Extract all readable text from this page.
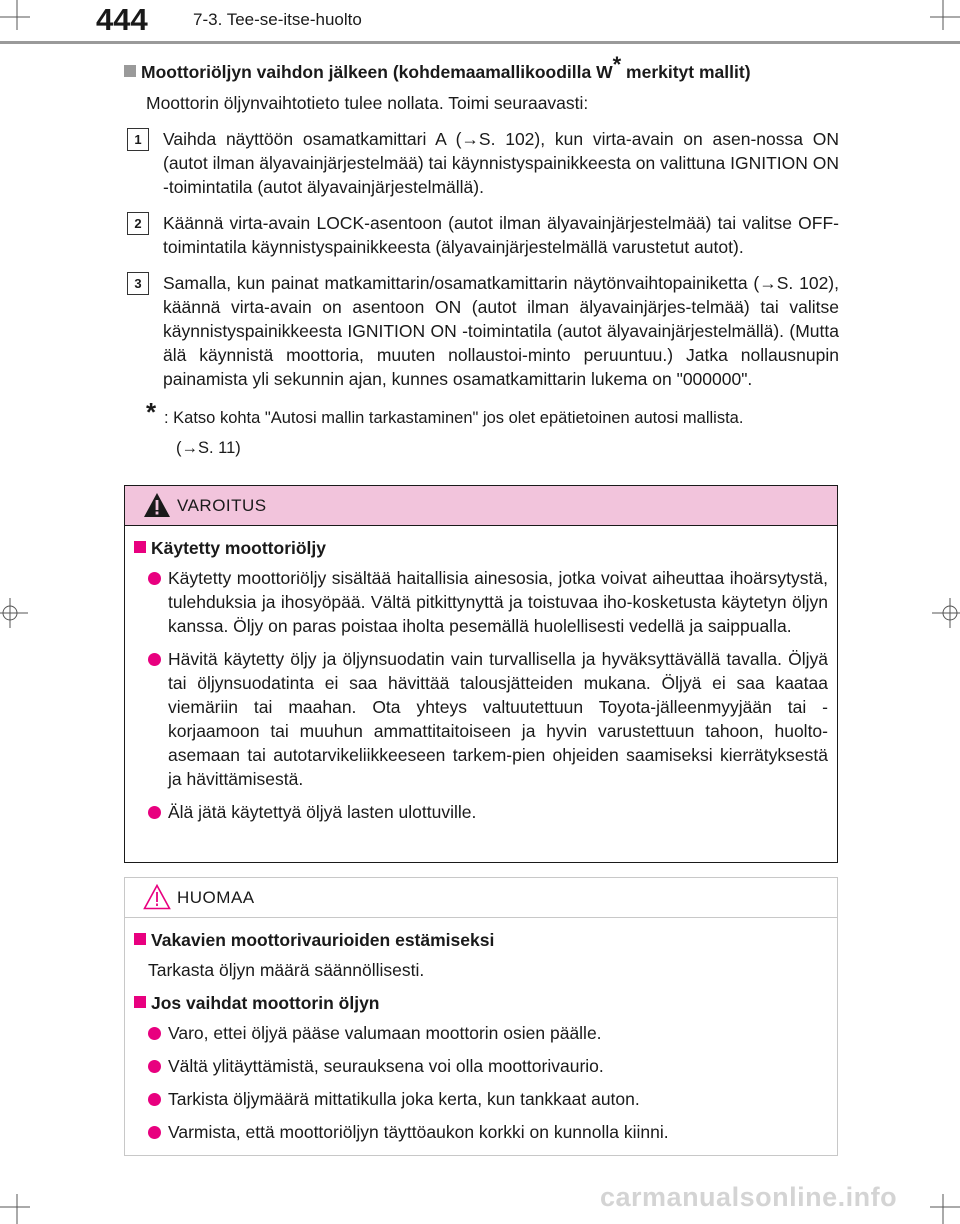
444	7-3. Tee-se-itse-huolto
Moottoriöljyn vaihdon jälkeen (kohdemaamallikoodilla W* merkityt mallit)
Moottorin öljynvaihtotieto tulee nollata. Toimi seuraavasti:
1	Vaihda näyttöön osamatkamittari A (→S. 102), kun virta-avain on asen-nossa ON (autot ilman älyavainjärjestelmää) tai käynnistyspainikkeesta on valittuna IGNITION ON -toimintatila (autot älyavainjärjestelmällä).
2	Käännä virta-avain LOCK-asentoon (autot ilman älyavainjärjestelmää) tai valitse OFF-toimintatila käynnistyspainikkeesta (älyavainjärjestelmällä varustetut autot).
3	Samalla, kun painat matkamittarin/osamatkamittarin näytönvaihtopainiketta (→S. 102), käännä virta-avain on asentoon ON (autot ilman älyavainjärjes-telmää) tai valitse käynnistyspainikkeesta IGNITION ON -toimintatila (autot älyavainjärjestelmällä). (Mutta älä käynnistä moottoria, muuten nollaustoi-minto peruuntuu.) Jatka nollausnupin painamista yli sekunnin ajan, kunnes osamatkamittarin lukema on "000000".
* : Katso kohta "Autosi mallin tarkastaminen" jos olet epätietoinen autosi mallista.
(→S. 11)
VAROITUS
Käytetty moottoriöljy
Käytetty moottoriöljy sisältää haitallisia ainesosia, jotka voivat aiheuttaa ihoärsytystä, tulehduksia ja ihosyöpää. Vältä pitkittynyttä ja toistuvaa iho-kosketusta käytetyn öljyn kanssa. Öljy on paras poistaa iholta pesemällä huolellisesti vedellä ja saippualla.
Hävitä käytetty öljy ja öljynsuodatin vain turvallisella ja hyväksyttävällä tavalla. Öljyä tai öljynsuodatinta ei saa hävittää talousjätteiden mukana. Öljyä ei saa kaataa viemäriin tai maahan. Ota yhteys valtuutettuun Toyota-jälleenmyyjään tai -korjaamoon tai muuhun ammattitaitoiseen ja hyvin varustettuun tahoon, huolto-asemaan tai autotarvikeliikkeeseen tarkem-pien ohjeiden saamiseksi kierrätyksestä ja hävittämisestä.
Älä jätä käytettyä öljyä lasten ulottuville.
HUOMAA
Vakavien moottorivaurioiden estämiseksi
Tarkasta öljyn määrä säännöllisesti.
Jos vaihdat moottorin öljyn
Varo, ettei öljyä pääse valumaan moottorin osien päälle.
Vältä ylitäyttämistä, seurauksena voi olla moottorivaurio.
Tarkista öljymäärä mittatikulla joka kerta, kun tankkaat auton.
Varmista, että moottoriöljyn täyttöaukon korkki on kunnolla kiinni.
carmanualsonline.info
